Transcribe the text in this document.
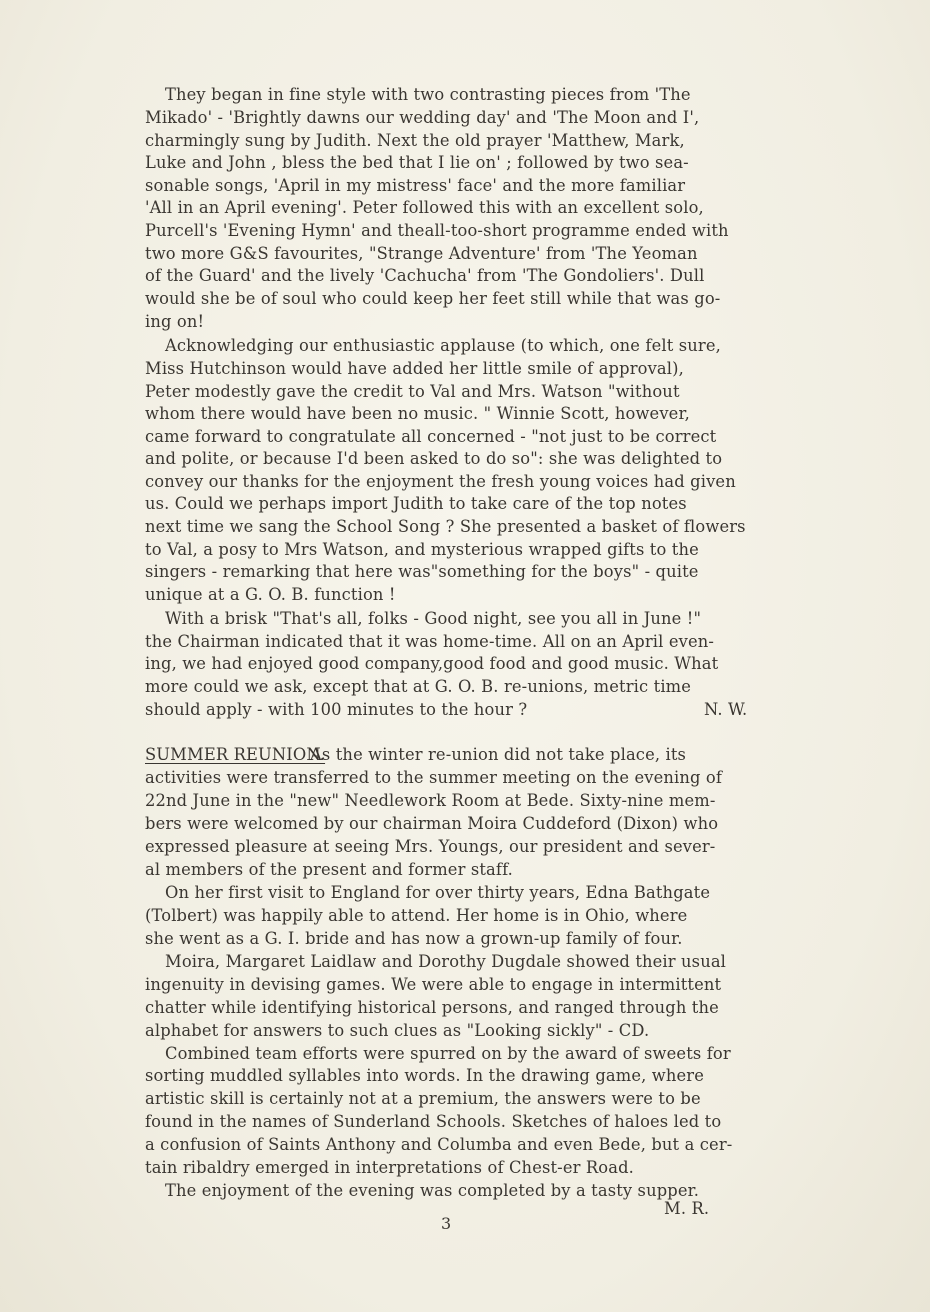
They began in fine style with two contrasting pieces from 'The
Mikado' - 'Brightly dawns our wedding day' and 'The Moon and I',
charmingly sung by Judith. Next the old prayer 'Matthew, Mark,
Luke and John , bless the bed that I lie on' ; followed by two sea-
sonable songs, 'April in my mistress' face' and the more familiar
'All in an April evening'. Peter followed this with an excellent solo,
Purcell's 'Evening Hymn' and theall-too-short programme ended with
two more G&S favourites, "Strange Adventure' from 'The Yeoman
of the Guard' and the lively 'Cachucha' from 'The Gondoliers'. Dull
would she be of soul who could keep her feet still while that was go-
ing on!
Acknowledging our enthusiastic applause (to which, one felt sure,
Miss Hutchinson would have added her little smile of approval),
Peter modestly gave the credit to Val and Mrs. Watson "without
whom there would have been no music. " Winnie Scott, however,
came forward to congratulate all concerned - "not just to be correct
and polite, or because I'd been asked to do so": she was delighted to
convey our thanks for the enjoyment the fresh young voices had given
us. Could we perhaps import Judith to take care of the top notes
next time we sang the School Song ? She presented a basket of flowers
to Val, a posy to Mrs Watson, and mysterious wrapped gifts to the
singers - remarking that here was"something for the boys" - quite
unique at a G. O. B. function !
With a brisk "That's all, folks - Good night, see you all in June !"
the Chairman indicated that it was home-time. All on an April even-
ing, we had enjoyed good company,good food and good music. What
more could we ask, except that at G. O. B. re-unions, metric time
should apply - with 100 minutes to the hour ?	N. W.
SUMMER REUNION.
As the winter re-union did not take place, its
activities were transferred to the summer meeting on the evening of
22nd June in the "new" Needlework Room at Bede. Sixty-nine mem-
bers were welcomed by our chairman Moira Cuddeford (Dixon) who
expressed pleasure at seeing Mrs. Youngs, our president and sever-
al members of the present and former staff.
On her first visit to England for over thirty years, Edna Bathgate
(Tolbert) was happily able to attend. Her home is in Ohio, where
she went as a G. I. bride and has now a grown-up family of four.
Moira, Margaret Laidlaw and Dorothy Dugdale showed their usual
ingenuity in devising games. We were able to engage in intermittent
chatter while identifying historical persons, and ranged through the
alphabet for answers to such clues as "Looking sickly" - CD.
Combined team efforts were spurred on by the award of sweets for
sorting muddled syllables into words. In the drawing game, where
artistic skill is certainly not at a premium, the answers were to be
found in the names of Sunderland Schools. Sketches of haloes led to
a confusion of Saints Anthony and Columba and even Bede, but a cer-
tain ribaldry emerged in interpretations of Chest-er Road.
The enjoyment of the evening was completed by a tasty supper.
M. R.
3
